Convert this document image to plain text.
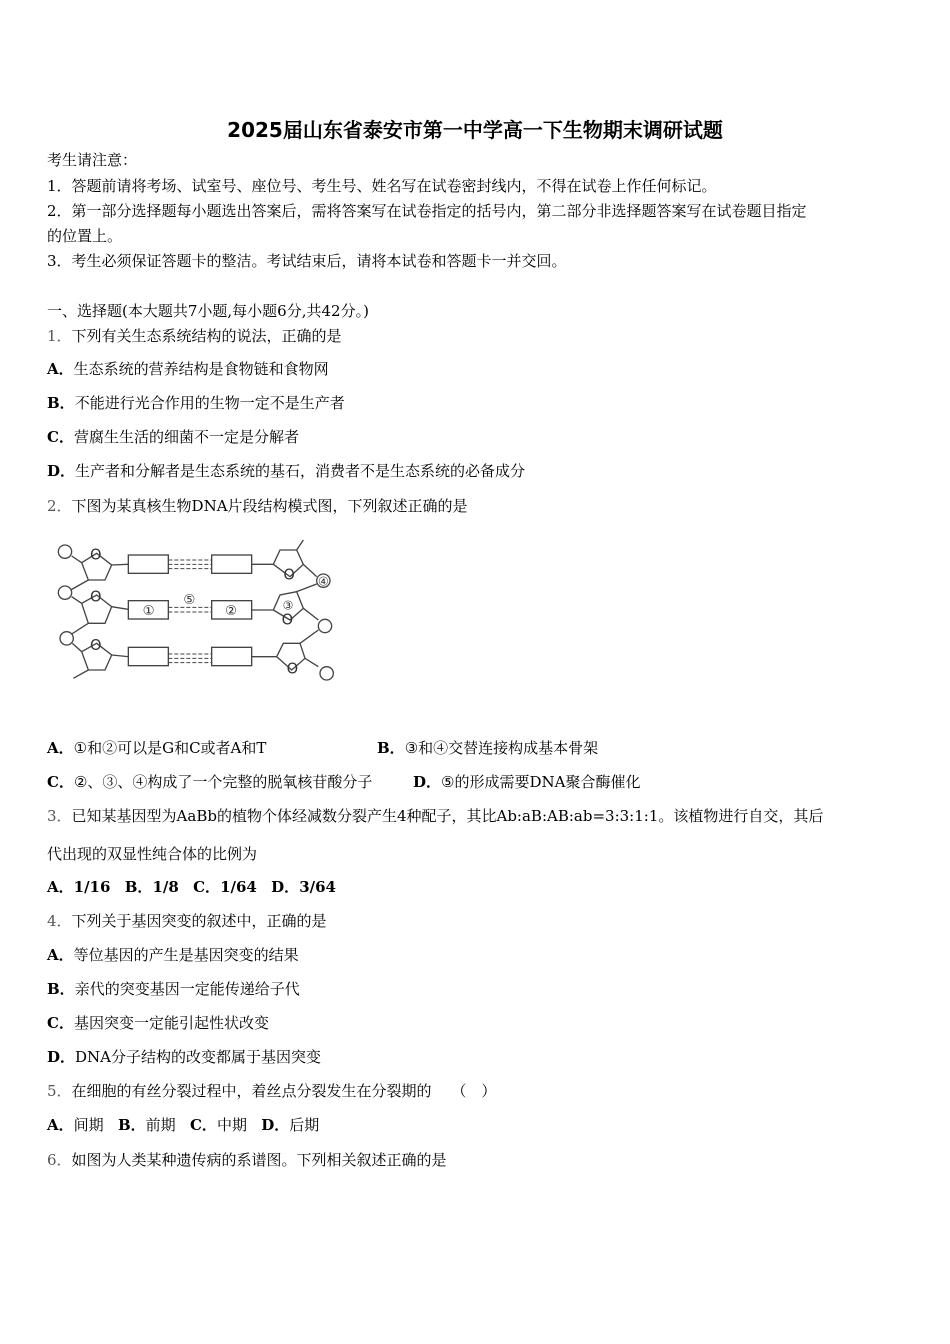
2025届山东省泰安市第一中学高一下生物期末调研试题
考生请注意：
1．答题前请将考场、试室号、座位号、考生号、姓名写在试卷密封线内，不得在试卷上作任何标记。
2．第一部分选择题每小题选出答案后，需将答案写在试卷指定的括号内，第二部分非选择题答案写在试卷题目指定
的位置上。
3．考生必须保证答题卡的整洁。考试结束后，请将本试卷和答题卡一并交回。
一、选择题(本大题共7小题,每小题6分,共42分。)
1．下列有关生态系统结构的说法，正确的是
A．生态系统的营养结构是食物链和食物网
B．不能进行光合作用的生物一定不是生产者
C．营腐生生活的细菌不一定是分解者
D．生产者和分解者是生态系统的基石，消费者不是生态系统的必备成分
2．下图为某真核生物DNA片段结构模式图，下列叙述正确的是
O
O
O
O
O
O
① ② ③
④
⑤
A．①和②可以是G和C或者A和T	B．③和④交替连接构成基本骨架
C．②、③、④构成了一个完整的脱氧核苷酸分子	D．⑤的形成需要DNA聚合酶催化
3．已知某基因型为AaBb的植物个体经减数分裂产生4种配子，其比Ab:aB:AB:ab=3:3:1:1。该植物进行自交，其后
代出现的双显性纯合体的比例为
A．1/16 B．1/8 C．1/64 D．3/64
4．下列关于基因突变的叙述中，正确的是
A．等位基因的产生是基因突变的结果
B．亲代的突变基因一定能传递给子代
C．基因突变一定能引起性状改变
D．DNA分子结构的改变都属于基因突变
5．在细胞的有丝分裂过程中，着丝点分裂发生在分裂期的　 （　）
A．间期 B．前期 C．中期 D．后期
6．如图为人类某种遗传病的系谱图。下列相关叙述正确的是
